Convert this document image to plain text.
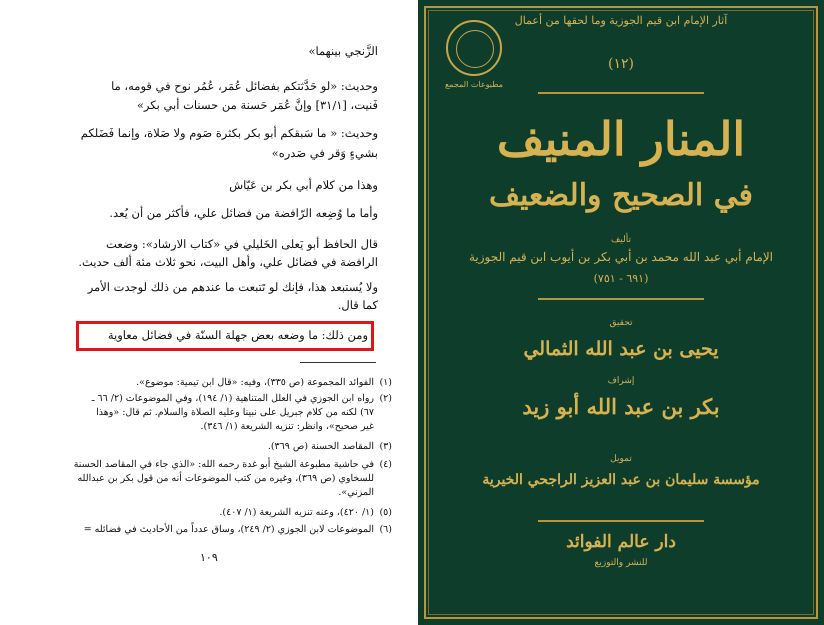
الزَّنجي بينهما»
وحديث: «لو حَدَّثتكم بفضائل عُمَر، عُمُر نوح في قومه، ما
فَنيت، [٣١/١] وإنَّ عُمَر حَسنة من حسنات أبي بكر»
وحديث: « ما سَبقكم أبو بكر بكثرة صَوم ولا صَلاة، وإنما فَضَلكم
بشيءٍ وَقر في صَدره»
وهذا من كلام أبي بكر بن عَيّاش
وأما ما وُضِعه الرّافضة من فضائل علي، فأكثر من أن يُعد.
قال الحافظ أبو يَعلى الخَليلي في «كتاب الارشاد»: وضعت
الرافضة في فضائل علي، وأهل البيت، نحو ثلاث مئة ألف حديث.
ولا يُستبعد هذا، فإنك لو تَتبعت ما عندهم من ذلك لوجدت الأمر
كما قال.
ومن ذلك: ما وضعه بعض جهلة السنّة في فضائل معاوية
(١)
الفوائد المجموعة (ص ٣٣٥)، وفيه: «قال ابن تيمية: موضوع».
(٢)
رواه ابن الجوزي في العلل المتناهية (١/ ١٩٤)، وفي الموضوعات (٢/ ٦٦ ـ
٦٧) لكنه من كلام جبريل على نبينا وعليه الصلاة والسلام. ثم قال: «وهذا
غير صحيح»، وانظر: تنزيه الشريعة (١/ ٣٤٦).
(٣)
المقاصد الحسنة (ص ٣٦٩).
(٤)
في حاشية مطبوعة الشيخ أبو غدة رحمه الله: «الذي جاء في المقاصد الحسنة
للسخاوي (ص ٣٦٩)، وغيره من كتب الموضوعات أنه من قول بكر بن عبدالله
المزني».
(٥)
(١/ ٤٢٠)، وعنه تنزيه الشريعة (١/ ٤٠٧).
(٦)
الموضوعات لابن الجوزي (٢/ ٢٤٩)، وساق عدداً من الأحاديث في فضائله =
١٠٩
آثار الإمام ابن قيم الجوزية وما لحقها من أعمال
(١٢)
مطبوعات المجمع
المنار المنيف
في الصحيح والضعيف
تأليف
الإمام أبي عبد الله محمد بن أبي بكر بن أيوب ابن قيم الجوزية
(٦٩١ - ٧٥١)
تحقيق
يحيى بن عبد الله الثمالي
إشراف
بكر بن عبد الله أبو زيد
تمويل
مؤسسة سليمان بن عبد العزيز الراجحي الخيرية
دار عالم الفوائد
للنشر والتوزيع
